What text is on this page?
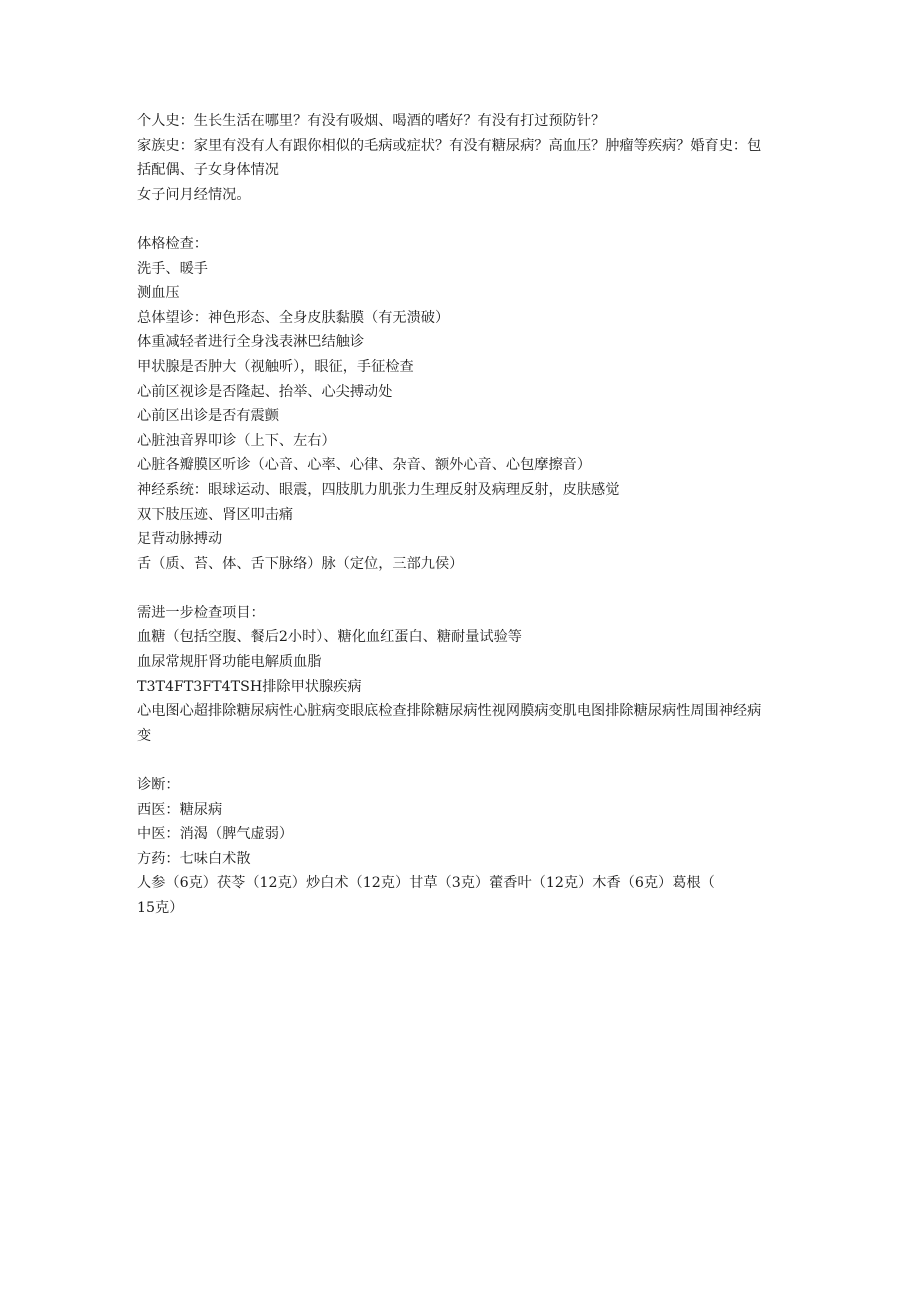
个人史：生长生活在哪里？有没有吸烟、喝酒的嗜好？有没有打过预防针？
家族史：家里有没有人有跟你相似的毛病或症状？有没有糖尿病？高血压？肿瘤等疾病？婚育史：包
括配偶、子女身体情况
女子问月经情况。
体格检查：
洗手、暖手
测血压
总体望诊：神色形态、全身皮肤黏膜（有无溃破）
体重减轻者进行全身浅表淋巴结触诊
甲状腺是否肿大（视触听），眼征，手征检查
心前区视诊是否隆起、抬举、心尖搏动处
心前区出诊是否有震颤
心脏浊音界叩诊（上下、左右）
心脏各瓣膜区听诊（心音、心率、心律、杂音、额外心音、心包摩擦音）
神经系统：眼球运动、眼震，四肢肌力肌张力生理反射及病理反射，皮肤感觉
双下肢压迹、肾区叩击痛
足背动脉搏动
舌（质、苔、体、舌下脉络）脉（定位，三部九侯）
需进一步检查项目：
血糖（包括空腹、餐后2小时）、糖化血红蛋白、糖耐量试验等
血尿常规肝肾功能电解质血脂
T3T4FT3FT4TSH排除甲状腺疾病
心电图心超排除糖尿病性心脏病变眼底检查排除糖尿病性视网膜病变肌电图排除糖尿病性周围神经病
变
诊断：
西医：糖尿病
中医：消渴（脾气虚弱）
方药：七味白术散
人参（6克）茯苓（12克）炒白术（12克）甘草（3克）藿香叶（12克）木香（6克）葛根（
15克）
